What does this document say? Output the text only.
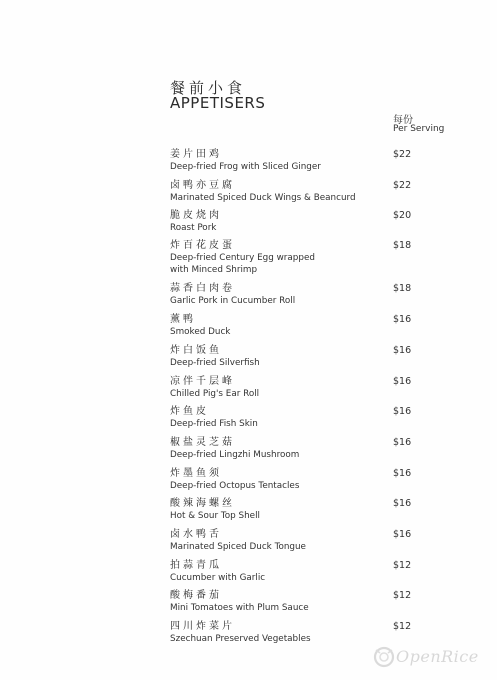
餐前小食
APPETISERS
每份
Per Serving
姜片田鸡
Deep-fried Frog with Sliced Ginger
$22
卤鸭亦豆腐
Marinated Spiced Duck Wings & Beancurd
$22
脆皮烧肉
Roast Pork
$20
炸百花皮蛋
Deep-fried Century Egg wrapped with Minced Shrimp
$18
蒜香白肉卷
Garlic Pork in Cucumber Roll
$18
薰鸭
Smoked Duck
$16
炸白饭鱼
Deep-fried Silverfish
$16
凉伴千层峰
Chilled Pig's Ear Roll
$16
炸鱼皮
Deep-fried Fish Skin
$16
椒盐灵芝菇
Deep-fried Lingzhi Mushroom
$16
炸墨鱼须
Deep-fried Octopus Tentacles
$16
酸辣海螺丝
Hot & Sour Top Shell
$16
卤水鸭舌
Marinated Spiced Duck Tongue
$16
拍蒜青瓜
Cucumber with Garlic
$12
酸梅番茄
Mini Tomatoes with Plum Sauce
$12
四川炸菜片
Szechuan Preserved Vegetables
$12
OpenRice
